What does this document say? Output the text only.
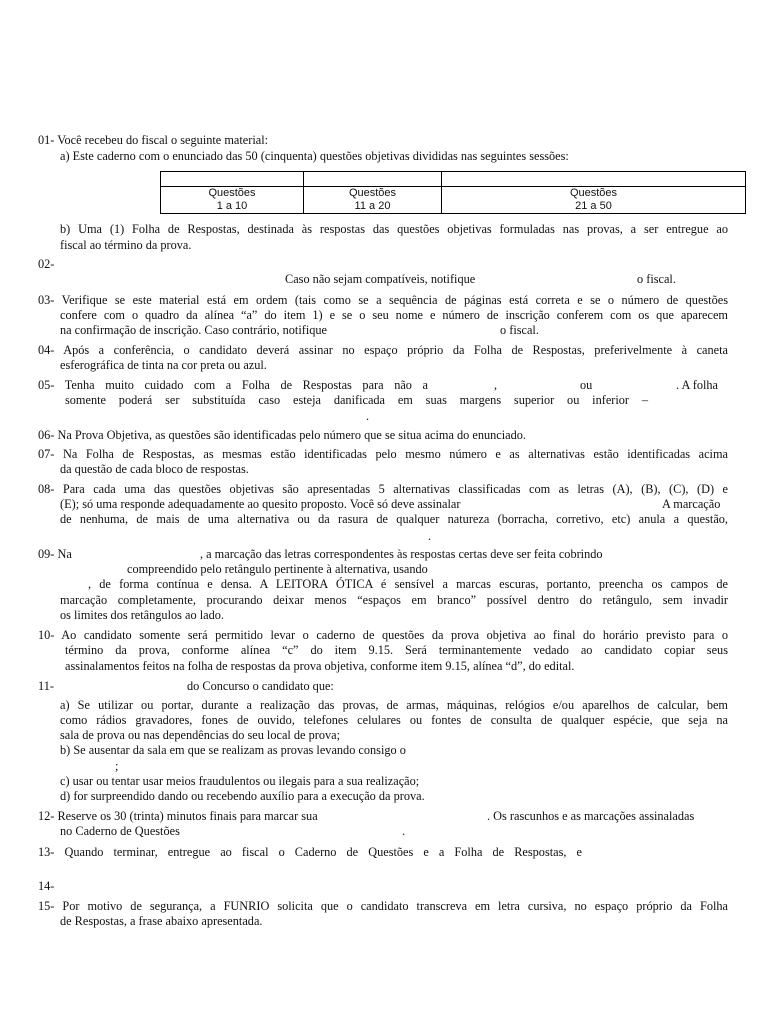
01- Você recebeu do fiscal o seguinte material:
a) Este caderno com o enunciado das 50 (cinquenta) questões objetivas divididas nas seguintes sessões:

Questões	Questões	Questões
1 a 10	11 a 20	21 a 50
b) Uma (1) Folha de Respostas, destinada às respostas das questões objetivas formuladas nas provas, a ser entregue ao
fiscal ao término da prova.
02-
Caso não sejam compatíveis, notifique	o fiscal.
03- Verifique se este material está em ordem (tais como se a sequência de páginas está correta e se o número de questões
confere com o quadro da alínea “a” do item 1) e se o seu nome e número de inscrição conferem com os que aparecem
na confirmação de inscrição. Caso contrário, notifique	o fiscal.
04- Após a conferência, o candidato deverá assinar no espaço próprio da Folha de Respostas, preferivelmente à caneta
esferográfica de tinta na cor preta ou azul.
05- Tenha muito cuidado com a Folha de Respostas para não a	,	ou	. A folha
somente poderá ser substituída caso esteja danificada em suas margens superior ou inferior –
.
06- Na Prova Objetiva, as questões são identificadas pelo número que se situa acima do enunciado.
07- Na Folha de Respostas, as mesmas estão identificadas pelo mesmo número e as alternativas estão identificadas acima
da questão de cada bloco de respostas.
08- Para cada uma das questões objetivas são apresentadas 5 alternativas classificadas com as letras (A), (B), (C), (D) e
(E); só uma responde adequadamente ao quesito proposto. Você só deve assinalar	A marcação
de nenhuma, de mais de uma alternativa ou da rasura de qualquer natureza (borracha, corretivo, etc) anula a questão,
.
09- Na	, a marcação das letras correspondentes às respostas certas deve ser feita cobrindo
compreendido pelo retângulo pertinente à alternativa, usando
, de forma contínua e densa. A LEITORA ÓTICA é sensível a marcas escuras, portanto, preencha os campos de
marcação completamente, procurando deixar menos “espaços em branco” possível dentro do retângulo, sem invadir
os limites dos retângulos ao lado.
10- Ao candidato somente será permitido levar o caderno de questões da prova objetiva ao final do horário previsto para o
término da prova, conforme alínea “c” do item 9.15. Será terminantemente vedado ao candidato copiar seus
assinalamentos feitos na folha de respostas da prova objetiva, conforme item 9.15, alínea “d”, do edital.
11-	do Concurso o candidato que:
a) Se utilizar ou portar, durante a realização das provas, de armas, máquinas, relógios e/ou aparelhos de calcular, bem
como rádios gravadores, fones de ouvido, telefones celulares ou fontes de consulta de qualquer espécie, que seja na
sala de prova ou nas dependências do seu local de prova;
b) Se ausentar da sala em que se realizam as provas levando consigo o
;
c) usar ou tentar usar meios fraudulentos ou ilegais para a sua realização;
d) for surpreendido dando ou recebendo auxílio para a execução da prova.
12- Reserve os 30 (trinta) minutos finais para marcar sua	. Os rascunhos e as marcações assinaladas
no Caderno de Questões	.
13- Quando terminar, entregue ao fiscal o Caderno de Questões e a Folha de Respostas, e
14-
15- Por motivo de segurança, a FUNRIO solicita que o candidato transcreva em letra cursiva, no espaço próprio da Folha
de Respostas, a frase abaixo apresentada.
